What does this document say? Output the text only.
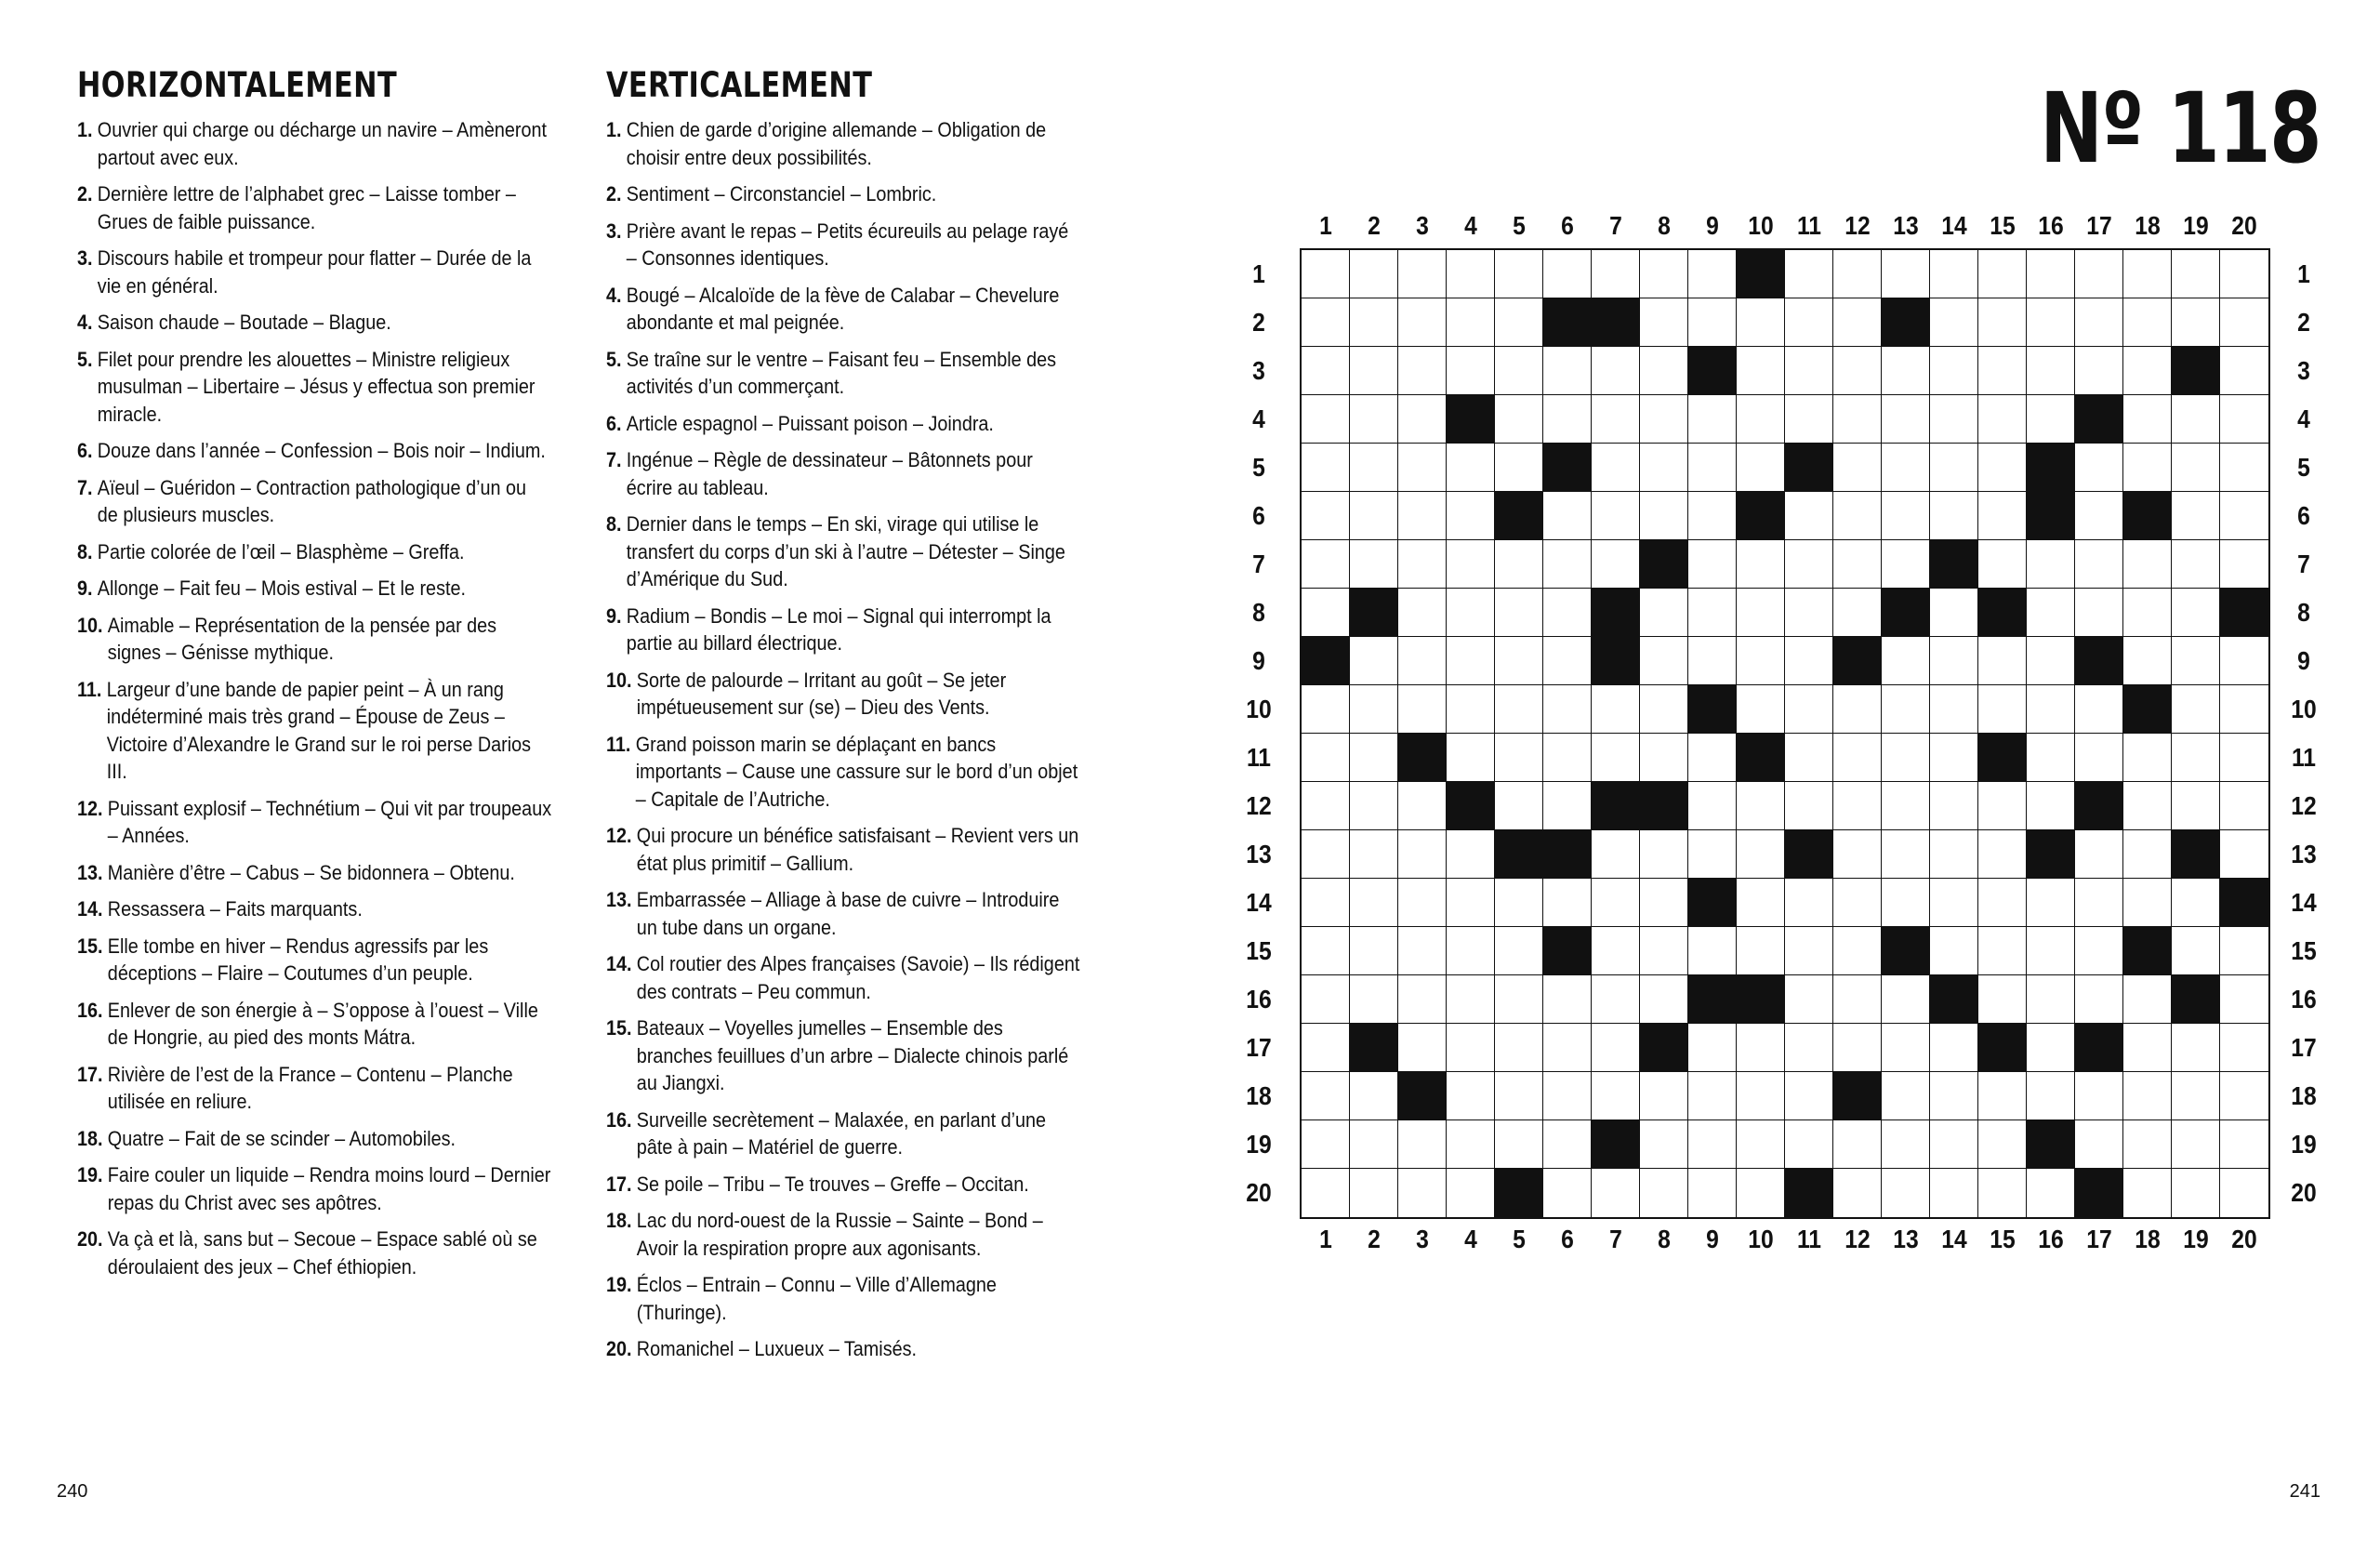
HORIZONTALEMENT
1. Ouvrier qui charge ou décharge un navire – Amèneront partout avec eux.
2. Dernière lettre de l’alphabet grec – Laisse tomber – Grues de faible puissance.
3. Discours habile et trompeur pour flatter – Durée de la vie en général.
4. Saison chaude – Boutade – Blague.
5. Filet pour prendre les alouettes – Ministre religieux musulman – Libertaire – Jésus y effectua son premier miracle.
6. Douze dans l’année – Confession – Bois noir – Indium.
7. Aïeul – Guéridon – Contraction pathologique d’un ou de plusieurs muscles.
8. Partie colorée de l’œil – Blasphème – Greffa.
9. Allonge – Fait feu – Mois estival – Et le reste.
10. Aimable – Représentation de la pensée par des signes – Génisse mythique.
11. Largeur d’une bande de papier peint – À un rang indéterminé mais très grand – Épouse de Zeus – Victoire d’Alexandre le Grand sur le roi perse Darios III.
12. Puissant explosif – Technétium – Qui vit par troupeaux – Années.
13. Manière d’être – Cabus – Se bidonnera – Obtenu.
14. Ressassera – Faits marquants.
15. Elle tombe en hiver – Rendus agressifs par les déceptions – Flaire – Coutumes d’un peuple.
16. Enlever de son énergie à – S’oppose à l’ouest – Ville de Hongrie, au pied des monts Mátra.
17. Rivière de l’est de la France – Contenu – Planche utilisée en reliure.
18. Quatre – Fait de se scinder – Automobiles.
19. Faire couler un liquide – Rendra moins lourd – Dernier repas du Christ avec ses apôtres.
20. Va çà et là, sans but – Secoue – Espace sablé où se déroulaient des jeux – Chef éthiopien.
VERTICALEMENT
1. Chien de garde d’origine allemande – Obligation de choisir entre deux possibilités.
2. Sentiment – Circonstanciel – Lombric.
3. Prière avant le repas – Petits écureuils au pelage rayé – Consonnes identiques.
4. Bougé – Alcaloïde de la fève de Calabar – Chevelure abondante et mal peignée.
5. Se traîne sur le ventre – Faisant feu – Ensemble des activités d’un commerçant.
6. Article espagnol – Puissant poison – Joindra.
7. Ingénue – Règle de dessinateur – Bâtonnets pour écrire au tableau.
8. Dernier dans le temps – En ski, virage qui utilise le transfert du corps d’un ski à l’autre – Détester – Singe d’Amérique du Sud.
9. Radium – Bondis – Le moi – Signal qui interrompt la partie au billard électrique.
10. Sorte de palourde – Irritant au goût – Se jeter impétueusement sur (se) – Dieu des Vents.
11. Grand poisson marin se déplaçant en bancs importants – Cause une cassure sur le bord d’un objet – Capitale de l’Autriche.
12. Qui procure un bénéfice satisfaisant – Revient vers un état plus primitif – Gallium.
13. Embarrassée – Alliage à base de cuivre – Introduire un tube dans un organe.
14. Col routier des Alpes françaises (Savoie) – Ils rédigent des contrats – Peu commun.
15. Bateaux – Voyelles jumelles – Ensemble des branches feuillues d’un arbre – Dialecte chinois parlé au Jiangxi.
16. Surveille secrètement – Malaxée, en parlant d’une pâte à pain – Matériel de guerre.
17. Se poile – Tribu – Te trouves – Greffe – Occitan.
18. Lac du nord-ouest de la Russie – Sainte – Bond – Avoir la respiration propre aux agonisants.
19. Éclos – Entrain – Connu – Ville d’Allemagne (Thuringe).
20. Romanichel – Luxueux – Tamisés.
Nº 118
1
1
2
2
3
3
4
4
5
5
6
6
7
7
8
8
9
9
10
10
11
11
12
12
13
13
14
14
15
15
16
16
17
17
18
18
19
19
20
20
1	1
2	2
3	3
4	4
5	5
6	6
7	7
8	8
9	9
10	10
11	11
12	12
13	13
14	14
15	15
16	16
17	17
18	18
19	19
20	20
240	241
